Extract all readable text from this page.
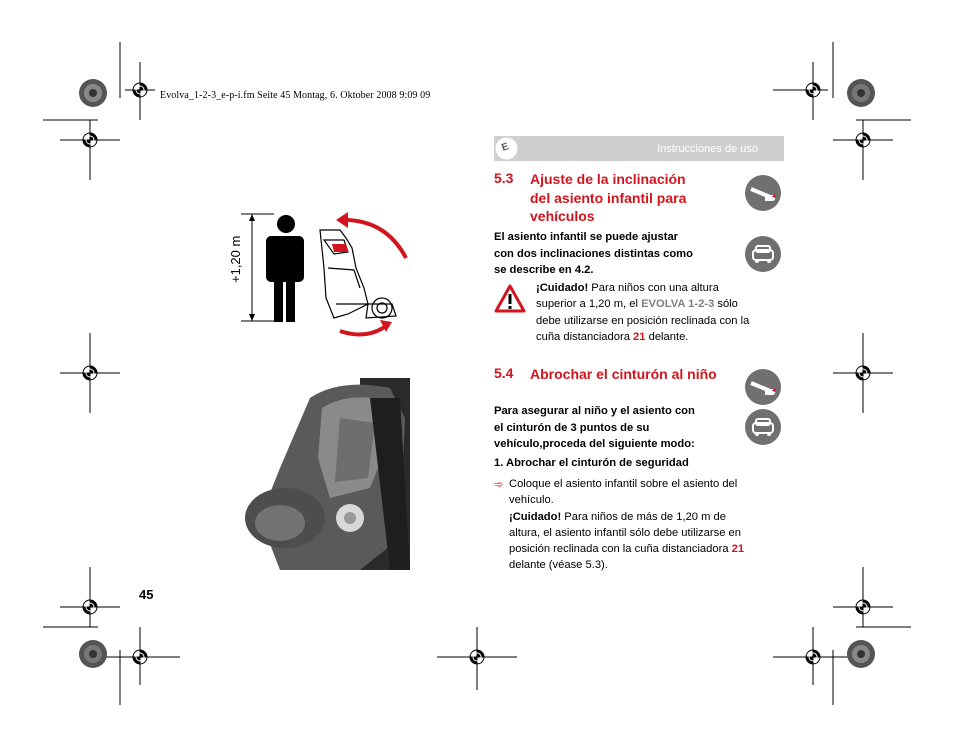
Evolva_1-2-3_e-p-i.fm Seite 45 Montag, 6. Oktober 2008 9:09 09
E	Instrucciones de uso
5.3 Ajuste de la inclinación
del asiento infantil para
vehículos
El asiento infantil se puede ajustar
con dos inclinaciones distintas como
se describe en 4.2.
¡Cuidado! Para niños con una altura
superior a 1,20 m, el EVOLVA 1-2-3 sólo
debe utilizarse en posición reclinada con la
cuña distanciadora 21 delante.
5.4 Abrochar el cinturón al niño
Para asegurar al niño y el asiento con
el cinturón de 3 puntos de su
vehículo,proceda del siguiente modo:
1. Abrochar el cinturón de seguridad
➾ Coloque el asiento infantil sobre el asiento del
vehículo.
¡Cuidado! Para niños de más de 1,20 m de
altura, el asiento infantil sólo debe utilizarse en
posición reclinada con la cuña distanciadora 21
delante (véase 5.3).
+1,20 m
45
